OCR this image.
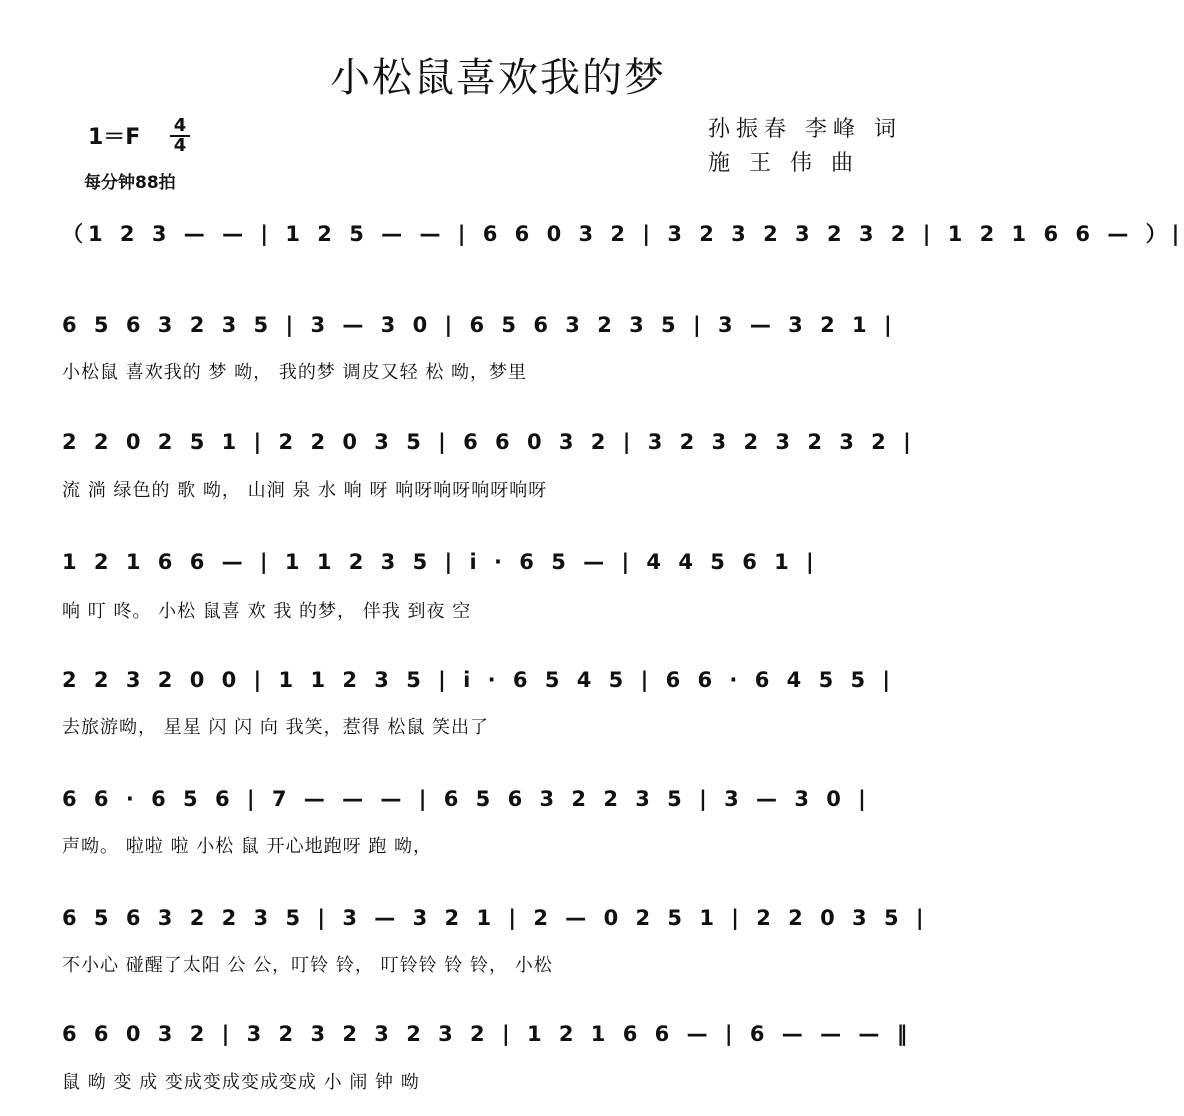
小松鼠喜欢我的梦
1＝F 4
4
每分钟88拍
孙振春 李峰 词
施 王 伟 曲
（1 2 3 — — | 1 2 5 — — | 6 6 0 3 2 | 3 2 3 2 3 2 3 2 | 1 2 1 6 6 — ）|
6 5 6 3 2 3 5 | 3 — 3 0 | 6 5 6 3 2 3 5 | 3 — 3 2 1 |
小松鼠 喜欢我的 梦 呦， 我的梦 调皮又轻 松 呦，梦里
2 2 0 2 5 1 | 2 2 0 3 5 | 6 6 0 3 2 | 3 2 3 2 3 2 3 2 |
流 淌 绿色的 歌 呦， 山涧 泉 水 响 呀 响呀响呀响呀响呀
1 2 1 6 6 — | 1 1 2 3 5 | i · 6 5 — | 4 4 5 6 1 |
响 叮 咚。 小松 鼠喜 欢 我 的梦， 伴我 到夜 空
2 2 3 2 0 0 | 1 1 2 3 5 | i · 6 5 4 5 | 6 6 · 6 4 5 5 |
去旅游呦， 星星 闪 闪 向 我笑，惹得 松鼠 笑出了
6 6 · 6 5 6 | 7 — — — | 6 5 6 3 2 2 3 5 | 3 — 3 0 |
声呦。 啦啦 啦 小松 鼠 开心地跑呀 跑 呦，
6 5 6 3 2 2 3 5 | 3 — 3 2 1 | 2 — 0 2 5 1 | 2 2 0 3 5 |
不小心 碰醒了太阳 公 公，叮铃 铃， 叮铃铃 铃 铃， 小松
6 6 0 3 2 | 3 2 3 2 3 2 3 2 | 1 2 1 6 6 — | 6 — — — ‖
鼠 呦 变 成 变成变成变成变成 小 闹 钟 呦
